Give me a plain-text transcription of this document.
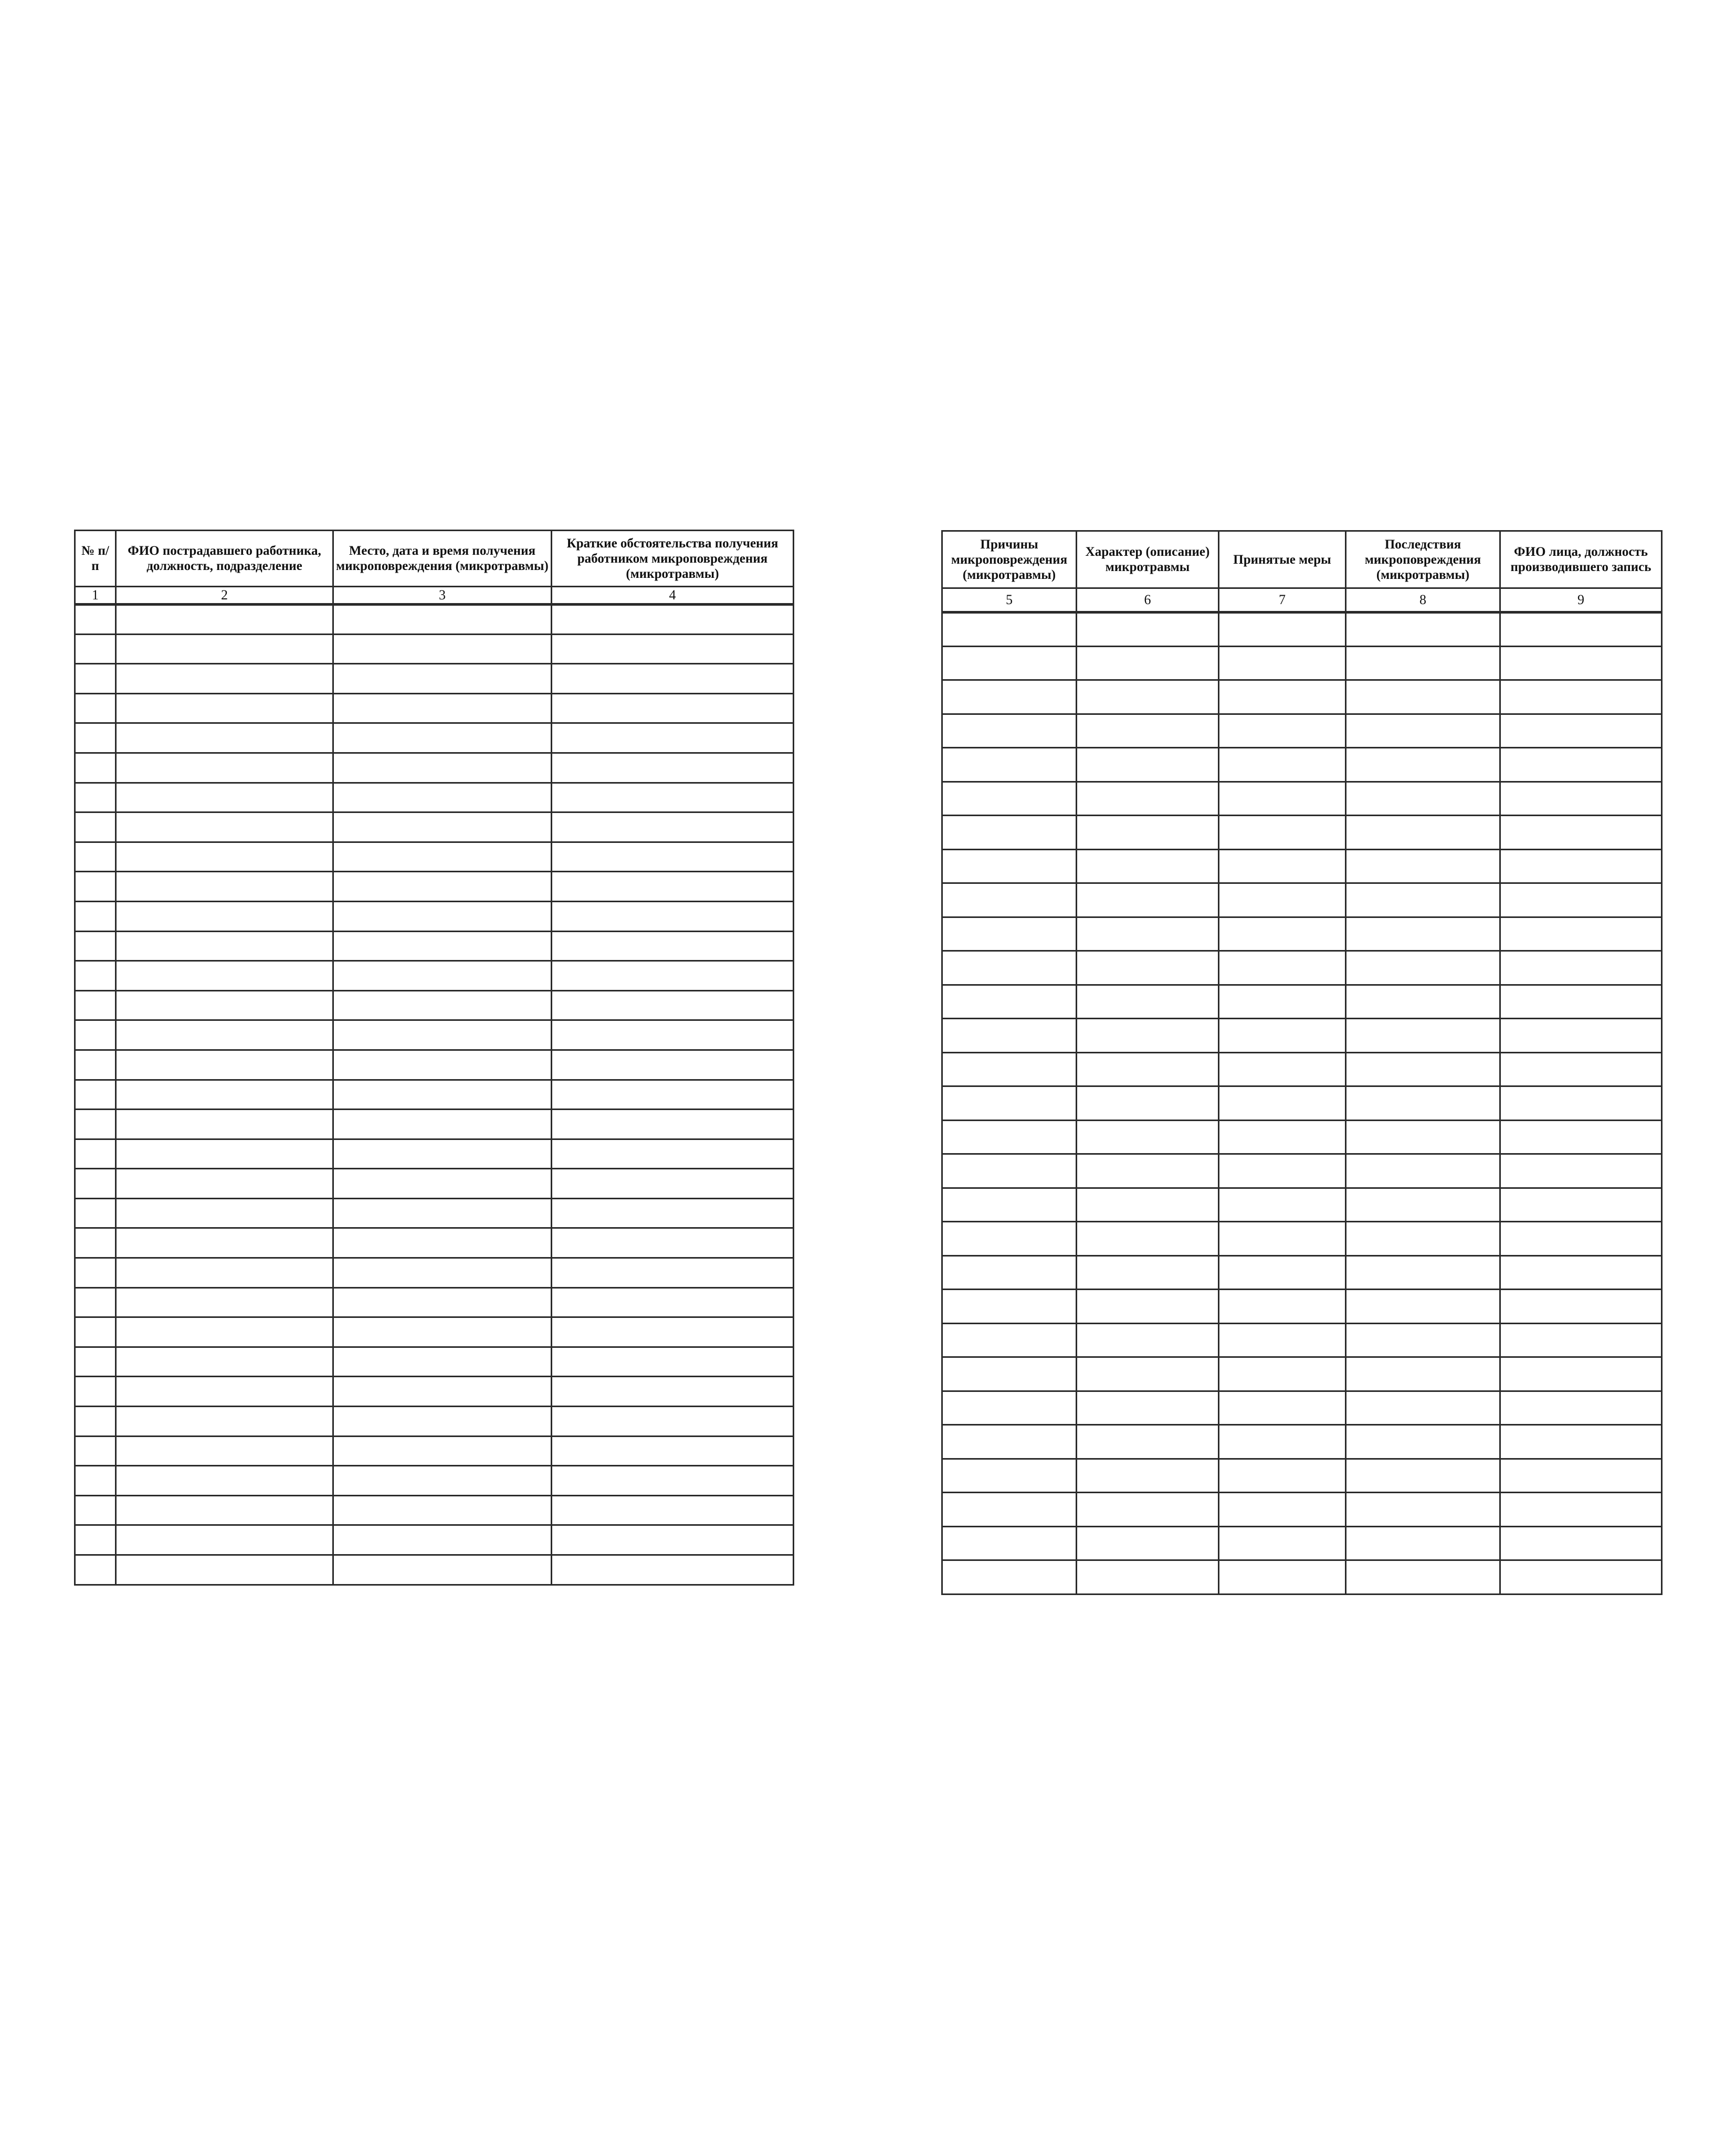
№ п/п	ФИО пострадавшего работника, должность, подразделение	Место, дата и время получения микроповреждения (микротравмы)	Краткие обстоятельства получения работником микроповреждения (микротравмы)
1	2	3	4

Причины микроповреждения (микротравмы)	Характер (описание) микротравмы	Принятые меры	Последствия микроповреждения (микротравмы)	ФИО лица, должность производившего запись
5	6	7	8	9
